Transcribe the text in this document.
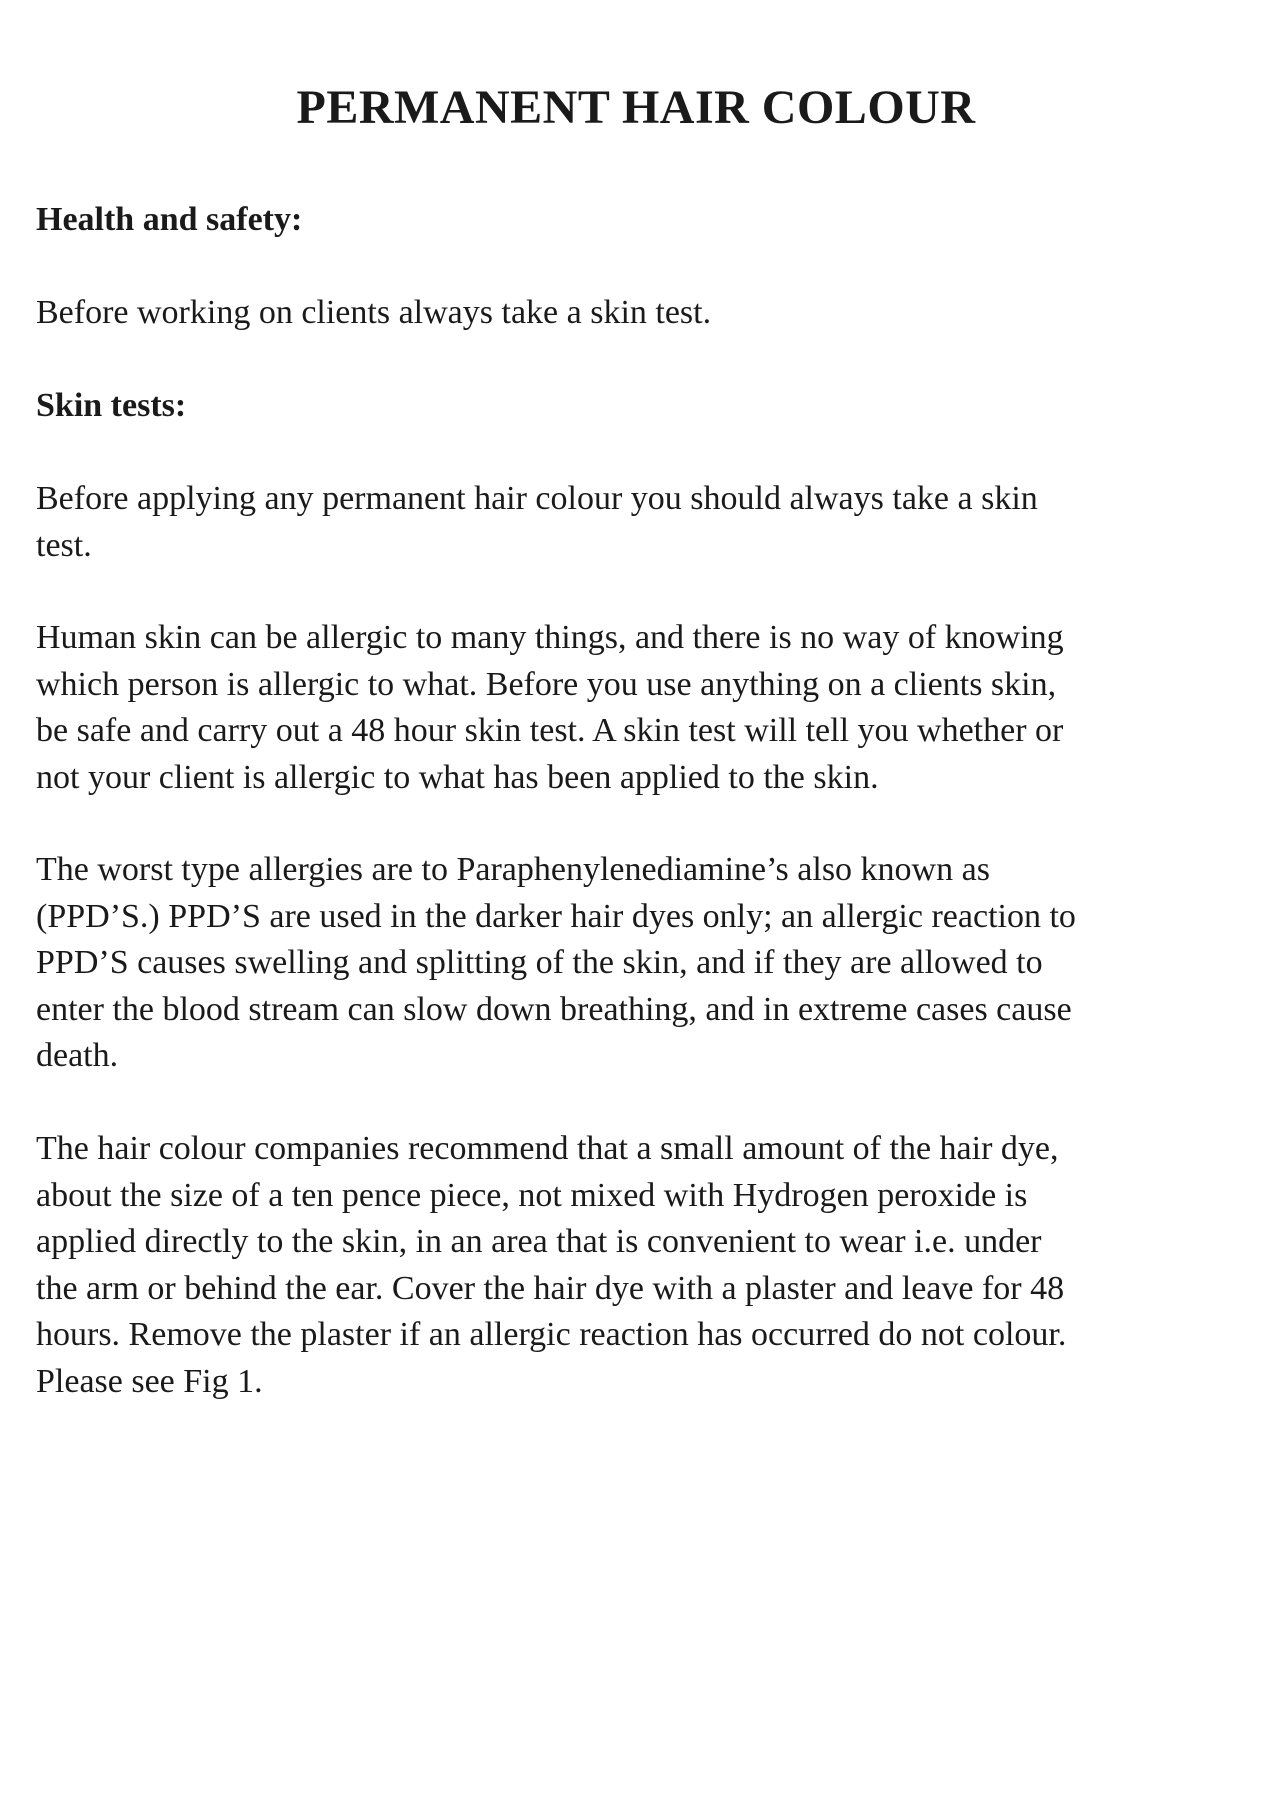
PERMANENT HAIR COLOUR
Health and safety:

Before working on clients always take a skin test.

Skin tests:

Before applying any permanent hair colour you should always take a skin
test.

Human skin can be allergic to many things, and there is no way of knowing
which person is allergic to what. Before you use anything on a clients skin,
be safe and carry out a 48 hour skin test. A skin test will tell you whether or
not your client is allergic to what has been applied to the skin.

The worst type allergies are to Paraphenylenediamine’s also known as
(PPD’S.) PPD’S are used in the darker hair dyes only; an allergic reaction to
PPD’S causes swelling and splitting of the skin, and if they are allowed to
enter the blood stream can slow down breathing, and in extreme cases cause
death.

The hair colour companies recommend that a small amount of the hair dye,
about the size of a ten pence piece, not mixed with Hydrogen peroxide is
applied directly to the skin, in an area that is convenient to wear i.e. under
the arm or behind the ear. Cover the hair dye with a plaster and leave for 48
hours. Remove the plaster if an allergic reaction has occurred do not colour.
Please see Fig 1.
